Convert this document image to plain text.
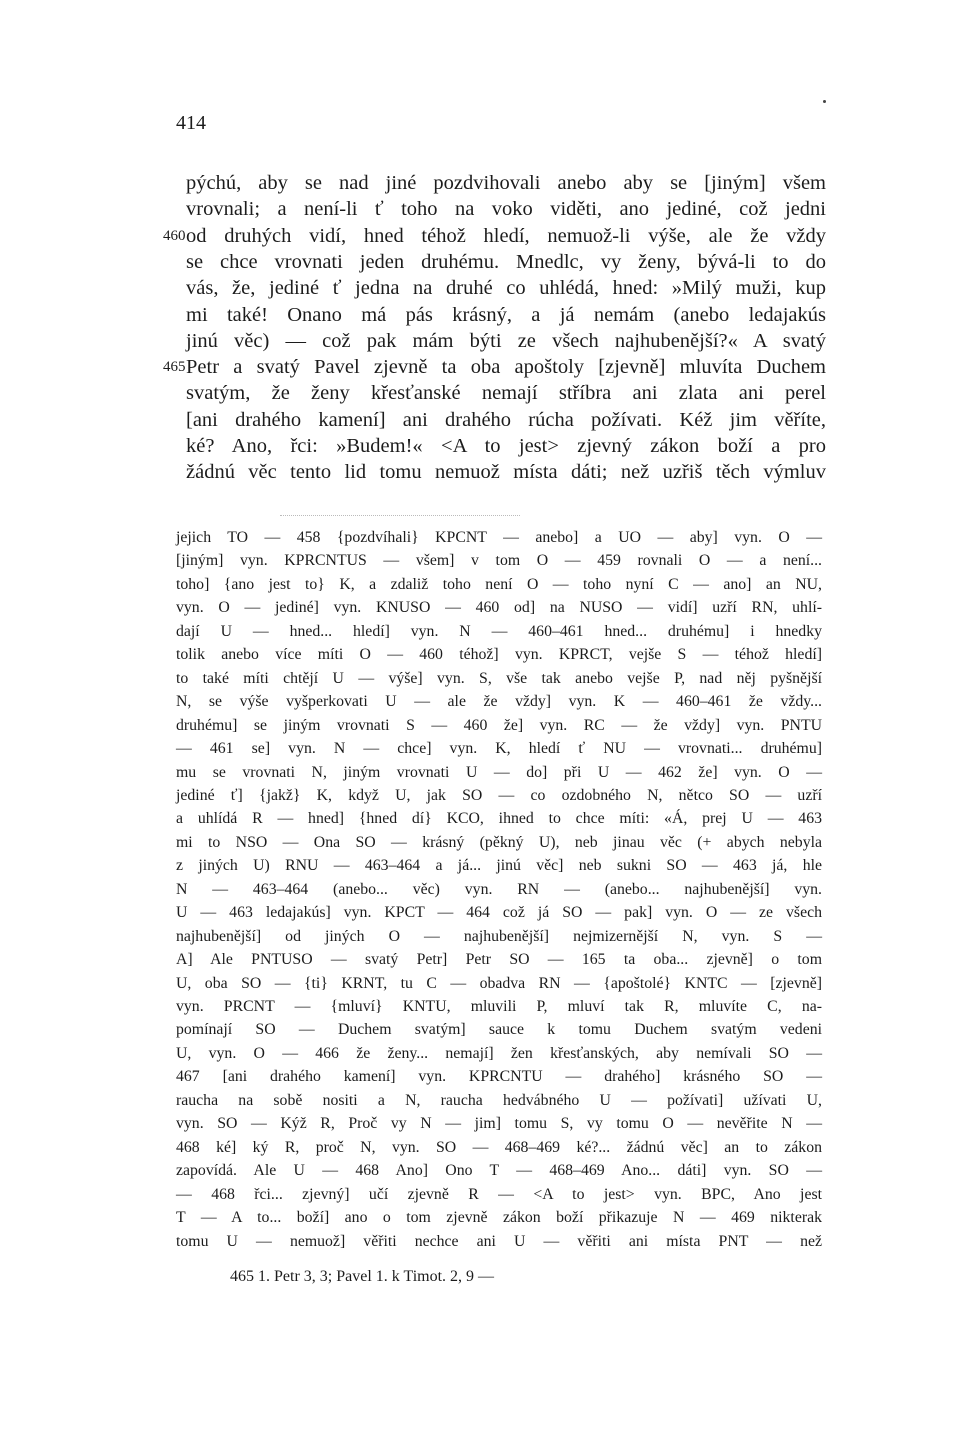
414
pýchú, aby se nad jiné pozdvihovali anebo aby se [jiným] všem
vrovnali; a není-li ť toho na voko viděti, ano jediné, což jedni
460 od druhých vidí, hned téhož hledí, nemuož-li výše, ale že vždy
se chce vrovnati jeden druhému. Mnedlc, vy ženy, bývá-li to do
vás, že, jediné ť jedna na druhé co uhlédá, hned: »Milý muži, kup
mi také! Onano má pás krásný, a já nemám (anebo ledajakús
jinú věc) — což pak mám býti ze všech najhubenější?« A svatý
465 Petr a svatý Pavel zjevně ta oba apoštoly [zjevně] mluvíta Duchem
svatým, že ženy křesťanské nemají stříbra ani zlata ani perel
[ani drahého kamení] ani drahého rúcha požívati. Kéž jim věříte,
ké? Ano, řci: »Budem!« <A to jest> zjevný zákon boží a pro
žádnú věc tento lid tomu nemuož místa dáti; než uzřiš těch výmluv
jejich TO — 458 {pozdvíhali} KPCNT — anebo] a UO — aby] vyn. O —
[jiným] vyn. KPRCNTUS — všem] v tom O — 459 rovnali O — a není...
toho] {ano jest to} K, a zdaliž toho není O — toho nyní C — ano] an NU,
vyn. O — jediné] vyn. KNUSO — 460 od] na NUSO — vidí] uzří RN, uhlí-
dají U — hned... hledí] vyn. N — 460–461 hned... druhému] i hnedky
tolik anebo více míti O — 460 téhož] vyn. KPRCT, vejše S — téhož hledí]
to také míti chtějí U — výše] vyn. S, vše tak anebo vejše P, nad něj pyšnější
N, se výše vyšperkovati U — ale že vždy] vyn. K — 460–461 že vždy...
druhému] se jiným vrovnati S — 460 že] vyn. RC — že vždy] vyn. PNTU
— 461 se] vyn. N — chce] vyn. K, hledí ť NU — vrovnati... druhému]
mu se vrovnati N, jiným vrovnati U — do] při U — 462 že] vyn. O —
jediné ť] {jakž} K, když U, jak SO — co ozdobného N, nětco SO — uzří
a uhlídá R — hned] {hned dí} KCO, ihned to chce míti: «Á, prej U — 463
mi to NSO — Ona SO — krásný (pěkný U), neb jinau věc (+ abych nebyla
z jiných U) RNU — 463–464 a já... jinú věc] neb sukni SO — 463 já, hle
N — 463–464 (anebo... věc) vyn. RN — (anebo... najhubenější] vyn.
U — 463 ledajakús] vyn. KPCT — 464 což já SO — pak] vyn. O — ze všech
najhubenější] od jiných O — najhubenější] nejmizernější N, vyn. S —
A] Ale PNTUSO — svatý Petr] Petr SO — 165 ta oba... zjevně] o tom
U, oba SO — {ti} KRNT, tu C — obadva RN — {apoštolé} KNTC — [zjevně]
vyn. PRCNT — {mluví} KNTU, mluvili P, mluví tak R, mluvíte C, na-
pomínají SO — Duchem svatým] sauce k tomu Duchem svatým vedeni
U, vyn. O — 466 že ženy... nemají] žen křesťanských, aby nemívali SO —
467 [ani drahého kamení] vyn. KPRCNTU — drahého] krásného SO —
raucha na sobě nositi a N, raucha hedvábného U — požívati] užívati U,
vyn. SO — Kýž R, Proč vy N — jim] tomu S, vy tomu O — nevěřite N —
468 ké] ký R, proč N, vyn. SO — 468–469 ké?... žádnú věc] an to zákon
zapovídá. Ale U — 468 Ano] Ono T — 468–469 Ano... dáti] vyn. SO —
— 468 řci... zjevný] učí zjevně R — <A to jest> vyn. BPC, Ano jest
T — A to... boží] ano o tom zjevně zákon boží přikazuje N — 469 nikterak
tomu U — nemuož] věřiti nechce ani U — věřiti ani místa PNT — než
465 1. Petr 3, 3; Pavel 1. k Timot. 2, 9 —
